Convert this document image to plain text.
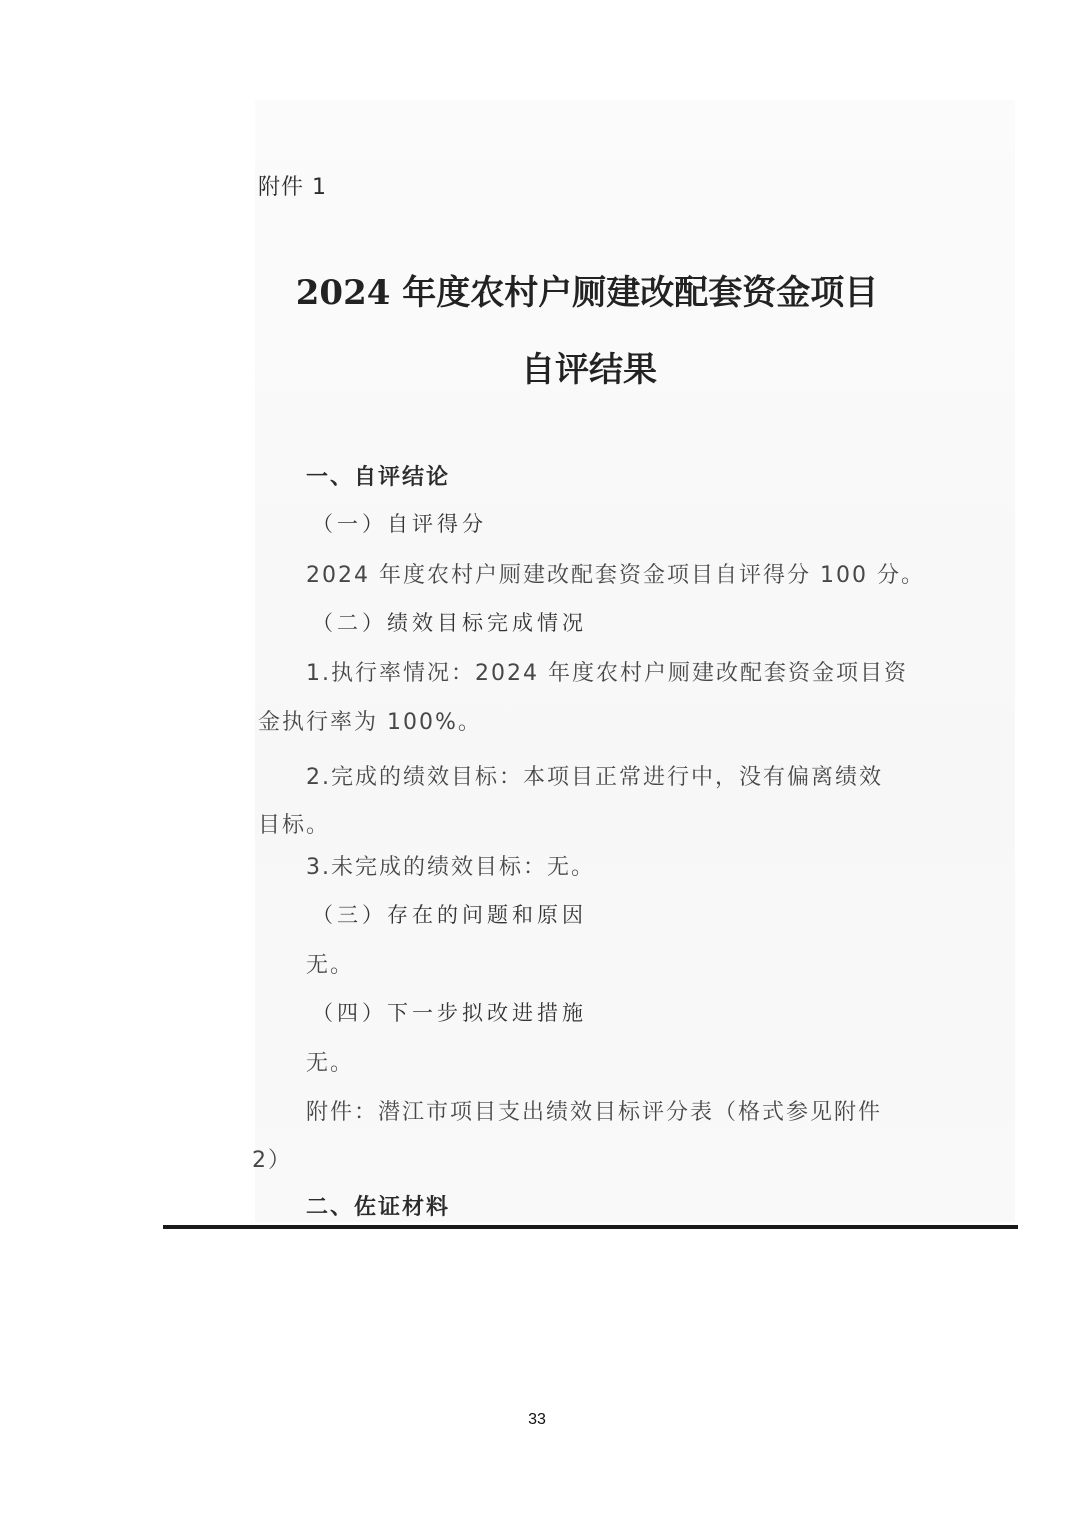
附件 1
2024 年度农村户厕建改配套资金项目
自评结果
一、自评结论
（一）自评得分
2024 年度农村户厕建改配套资金项目自评得分 100 分。
（二）绩效目标完成情况
1.执行率情况：2024 年度农村户厕建改配套资金项目资
金执行率为 100%。
2.完成的绩效目标：本项目正常进行中，没有偏离绩效
目标。
3.未完成的绩效目标：无。
（三）存在的问题和原因
无。
（四）下一步拟改进措施
无。
附件：潜江市项目支出绩效目标评分表（格式参见附件
2）
二、佐证材料
33
